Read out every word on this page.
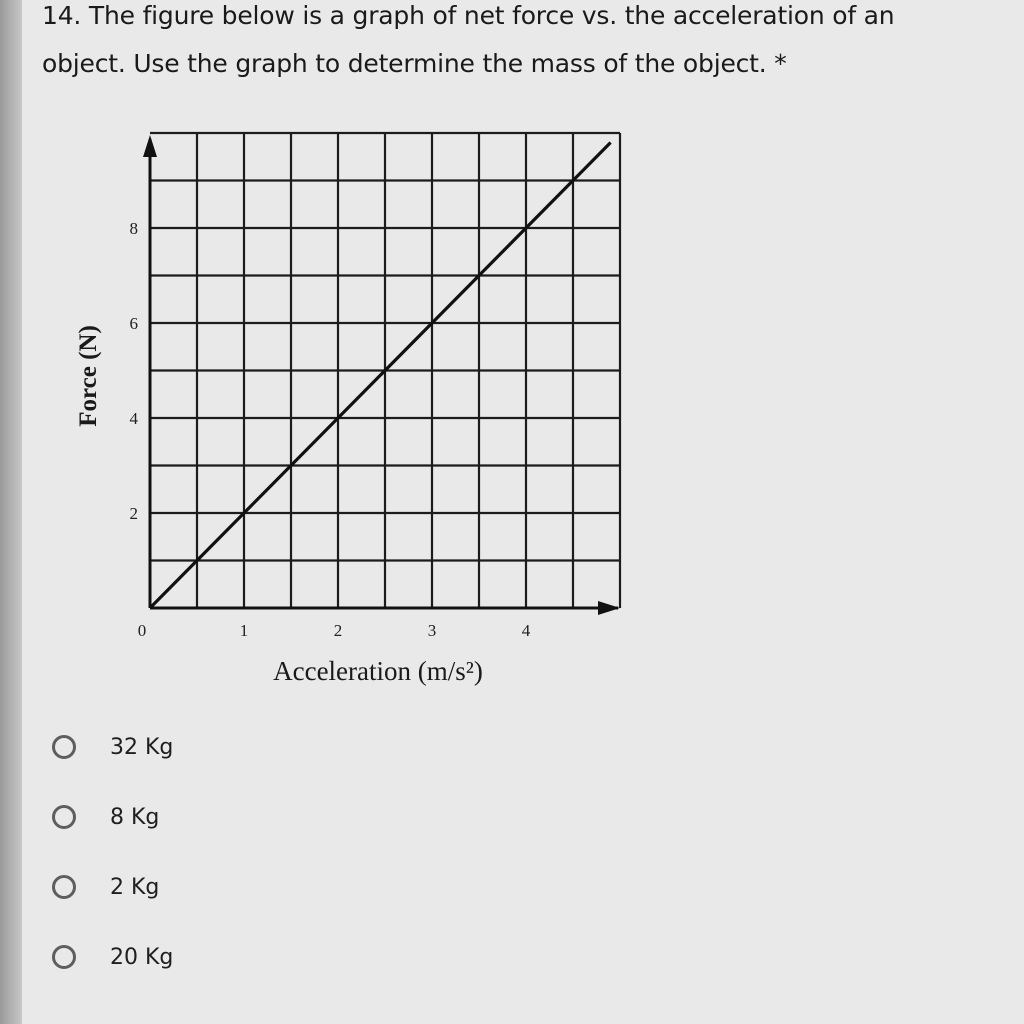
14. The figure below is a graph of net force vs. the acceleration of an
object. Use the graph to determine the mass of the object. *

0	1	2	3	4
2
4
6
8
Acceleration (m/s²)
Force (N)
32 Kg
8 Kg
2 Kg
20 Kg
